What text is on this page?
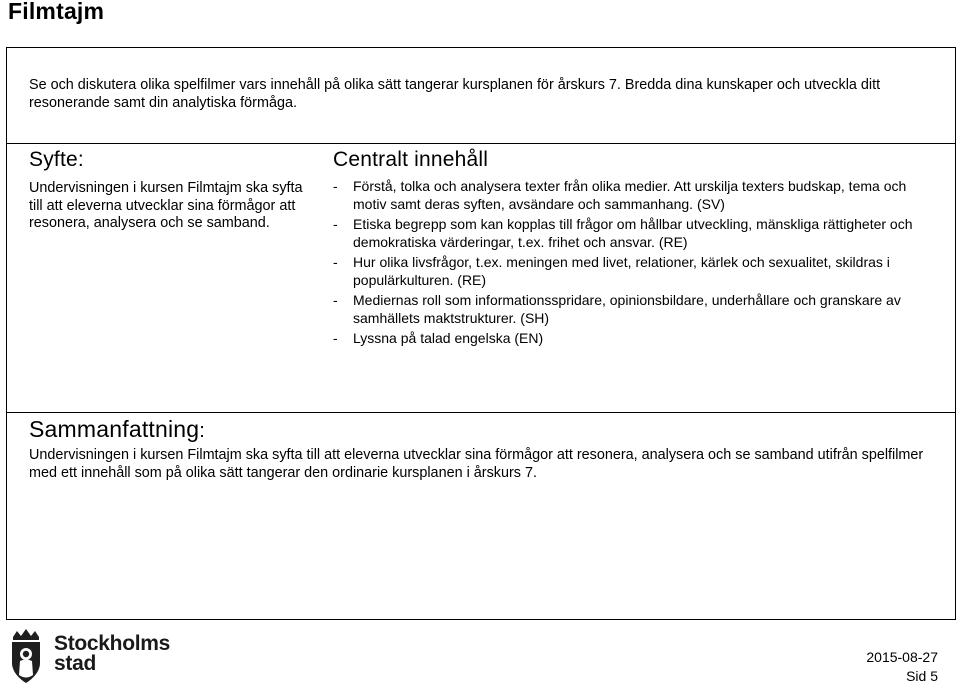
Filmtajm
Se och diskutera olika spelfilmer vars innehåll på olika sätt tangerar kursplanen för årskurs 7. Bredda dina kunskaper och utveckla ditt resonerande samt din analytiska förmåga.
Syfte:
Undervisningen i kursen Filmtajm ska syfta till att eleverna utvecklar sina förmågor att resonera, analysera och se samband.
Centralt innehåll
- Förstå, tolka och analysera texter från olika medier. Att urskilja texters budskap, tema och motiv samt deras syften, avsändare och sammanhang. (SV)
- Etiska begrepp som kan kopplas till frågor om hållbar utveckling, mänskliga rättigheter och demokratiska värderingar, t.ex. frihet och ansvar. (RE)
- Hur olika livsfrågor, t.ex. meningen med livet, relationer, kärlek och sexualitet, skildras i populärkulturen. (RE)
- Mediernas roll som informationsspridare, opinionsbildare, underhållare och granskare av samhällets maktstrukturer. (SH)
- Lyssna på talad engelska (EN)
Sammanfattning:
Undervisningen i kursen Filmtajm ska syfta till att eleverna utvecklar sina förmågor att resonera, analysera och se samband utifrån spelfilmer med ett innehåll som på olika sätt tangerar den ordinarie kursplanen i årskurs 7.
Stockholms
stad	2015-08-27
Sid 5
